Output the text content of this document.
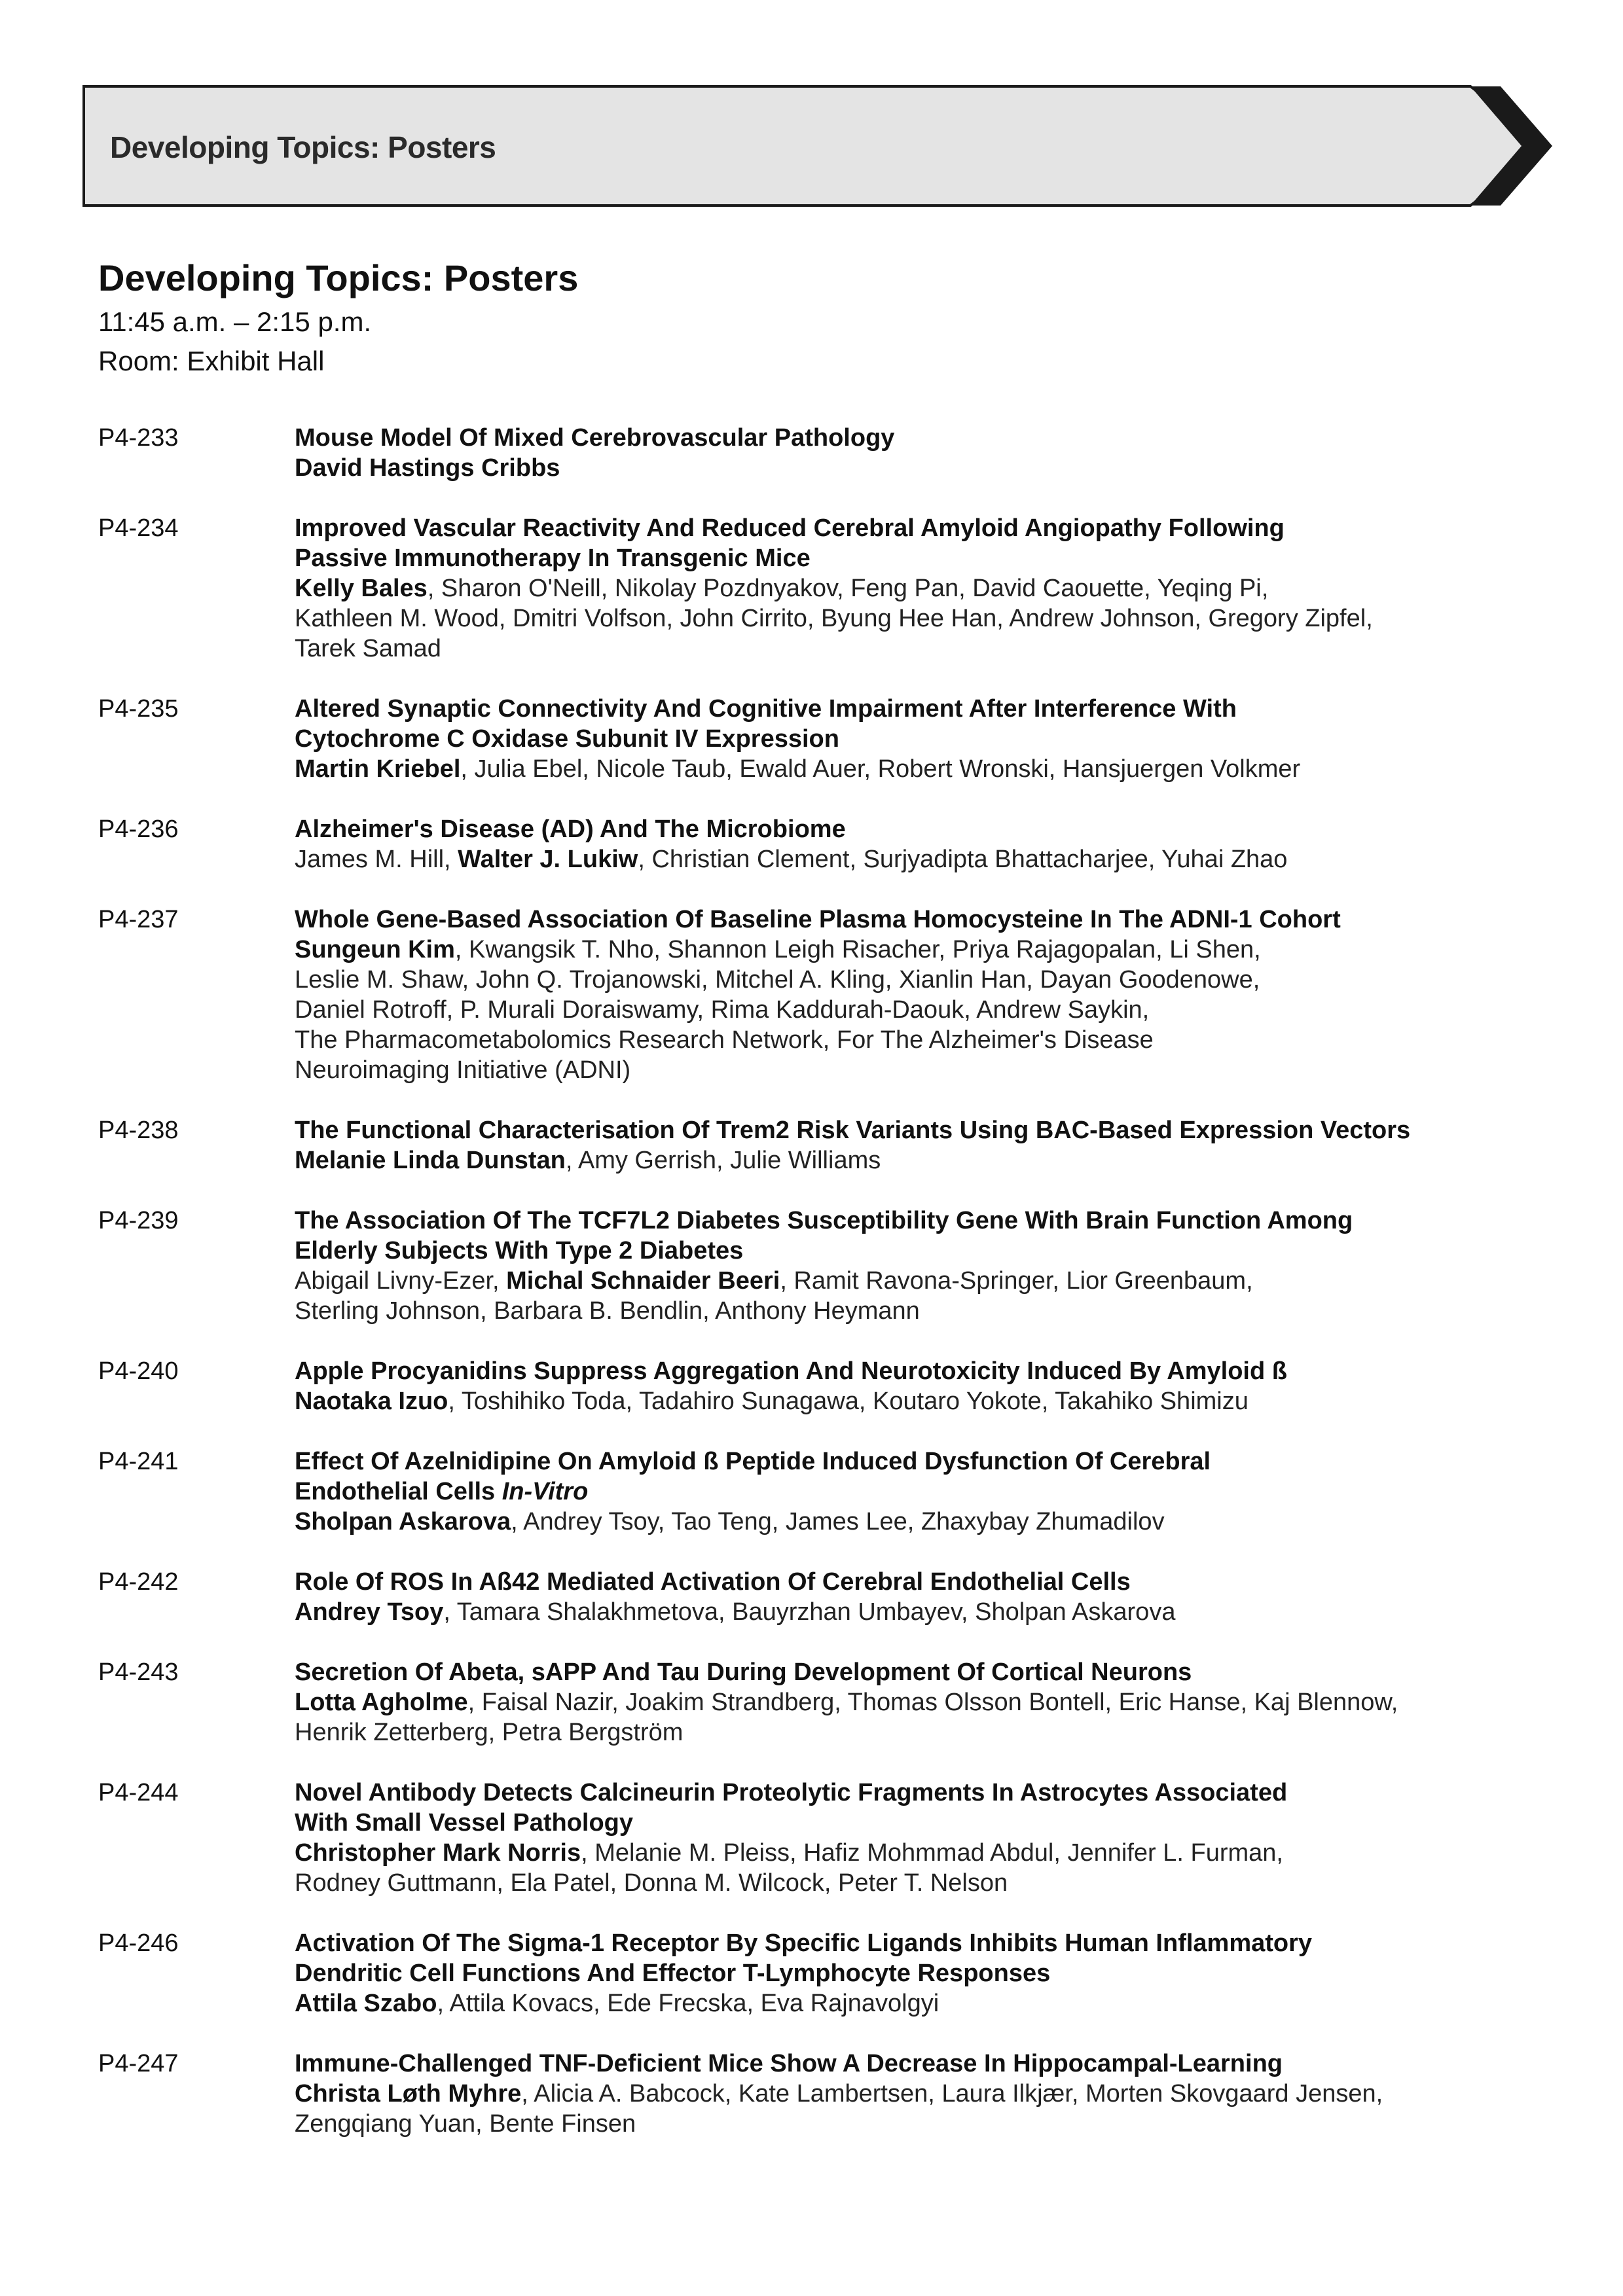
Developing Topics: Posters
Developing Topics: Posters
11:45 a.m. – 2:15 p.m.
Room: Exhibit Hall
P4-233	Mouse Model Of Mixed Cerebrovascular Pathology
David Hastings Cribbs
P4-234	Improved Vascular Reactivity And Reduced Cerebral Amyloid Angiopathy Following
Passive Immunotherapy In Transgenic Mice
Kelly Bales, Sharon O'Neill, Nikolay Pozdnyakov, Feng Pan, David Caouette, Yeqing Pi,
Kathleen M. Wood, Dmitri Volfson, John Cirrito, Byung Hee Han, Andrew Johnson, Gregory Zipfel,
Tarek Samad
P4-235	Altered Synaptic Connectivity And Cognitive Impairment After Interference With
Cytochrome C Oxidase Subunit IV Expression
Martin Kriebel, Julia Ebel, Nicole Taub, Ewald Auer, Robert Wronski, Hansjuergen Volkmer
P4-236	Alzheimer's Disease (AD) And The Microbiome
James M. Hill, Walter J. Lukiw, Christian Clement, Surjyadipta Bhattacharjee, Yuhai Zhao
P4-237	Whole Gene-Based Association Of Baseline Plasma Homocysteine In The ADNI-1 Cohort
Sungeun Kim, Kwangsik T. Nho, Shannon Leigh Risacher, Priya Rajagopalan, Li Shen,
Leslie M. Shaw, John Q. Trojanowski, Mitchel A. Kling, Xianlin Han, Dayan Goodenowe,
Daniel Rotroff, P. Murali Doraiswamy, Rima Kaddurah-Daouk, Andrew Saykin,
The Pharmacometabolomics Research Network, For The Alzheimer's Disease
Neuroimaging Initiative (ADNI)
P4-238	The Functional Characterisation Of Trem2 Risk Variants Using BAC-Based Expression Vectors
Melanie Linda Dunstan, Amy Gerrish, Julie Williams
P4-239	The Association Of The TCF7L2 Diabetes Susceptibility Gene With Brain Function Among
Elderly Subjects With Type 2 Diabetes
Abigail Livny-Ezer, Michal Schnaider Beeri, Ramit Ravona-Springer, Lior Greenbaum,
Sterling Johnson, Barbara B. Bendlin, Anthony Heymann
P4-240	Apple Procyanidins Suppress Aggregation And Neurotoxicity Induced By Amyloid ß
Naotaka Izuo, Toshihiko Toda, Tadahiro Sunagawa, Koutaro Yokote, Takahiko Shimizu
P4-241	Effect Of Azelnidipine On Amyloid ß Peptide Induced Dysfunction Of Cerebral
Endothelial Cells In-Vitro
Sholpan Askarova, Andrey Tsoy, Tao Teng, James Lee, Zhaxybay Zhumadilov
P4-242	Role Of ROS In Aß42 Mediated Activation Of Cerebral Endothelial Cells
Andrey Tsoy, Tamara Shalakhmetova, Bauyrzhan Umbayev, Sholpan Askarova
P4-243	Secretion Of Abeta, sAPP And Tau During Development Of Cortical Neurons
Lotta Agholme, Faisal Nazir, Joakim Strandberg, Thomas Olsson Bontell, Eric Hanse, Kaj Blennow,
Henrik Zetterberg, Petra Bergström
P4-244	Novel Antibody Detects Calcineurin Proteolytic Fragments In Astrocytes Associated
With Small Vessel Pathology
Christopher Mark Norris, Melanie M. Pleiss, Hafiz Mohmmad Abdul, Jennifer L. Furman,
Rodney Guttmann, Ela Patel, Donna M. Wilcock, Peter T. Nelson
P4-246	Activation Of The Sigma-1 Receptor By Specific Ligands Inhibits Human Inflammatory
Dendritic Cell Functions And Effector T-Lymphocyte Responses
Attila Szabo, Attila Kovacs, Ede Frecska, Eva Rajnavolgyi
P4-247	Immune-Challenged TNF-Deficient Mice Show A Decrease In Hippocampal-Learning
Christa Løth Myhre, Alicia A. Babcock, Kate Lambertsen, Laura Ilkjær, Morten Skovgaard Jensen,
Zengqiang Yuan, Bente Finsen
